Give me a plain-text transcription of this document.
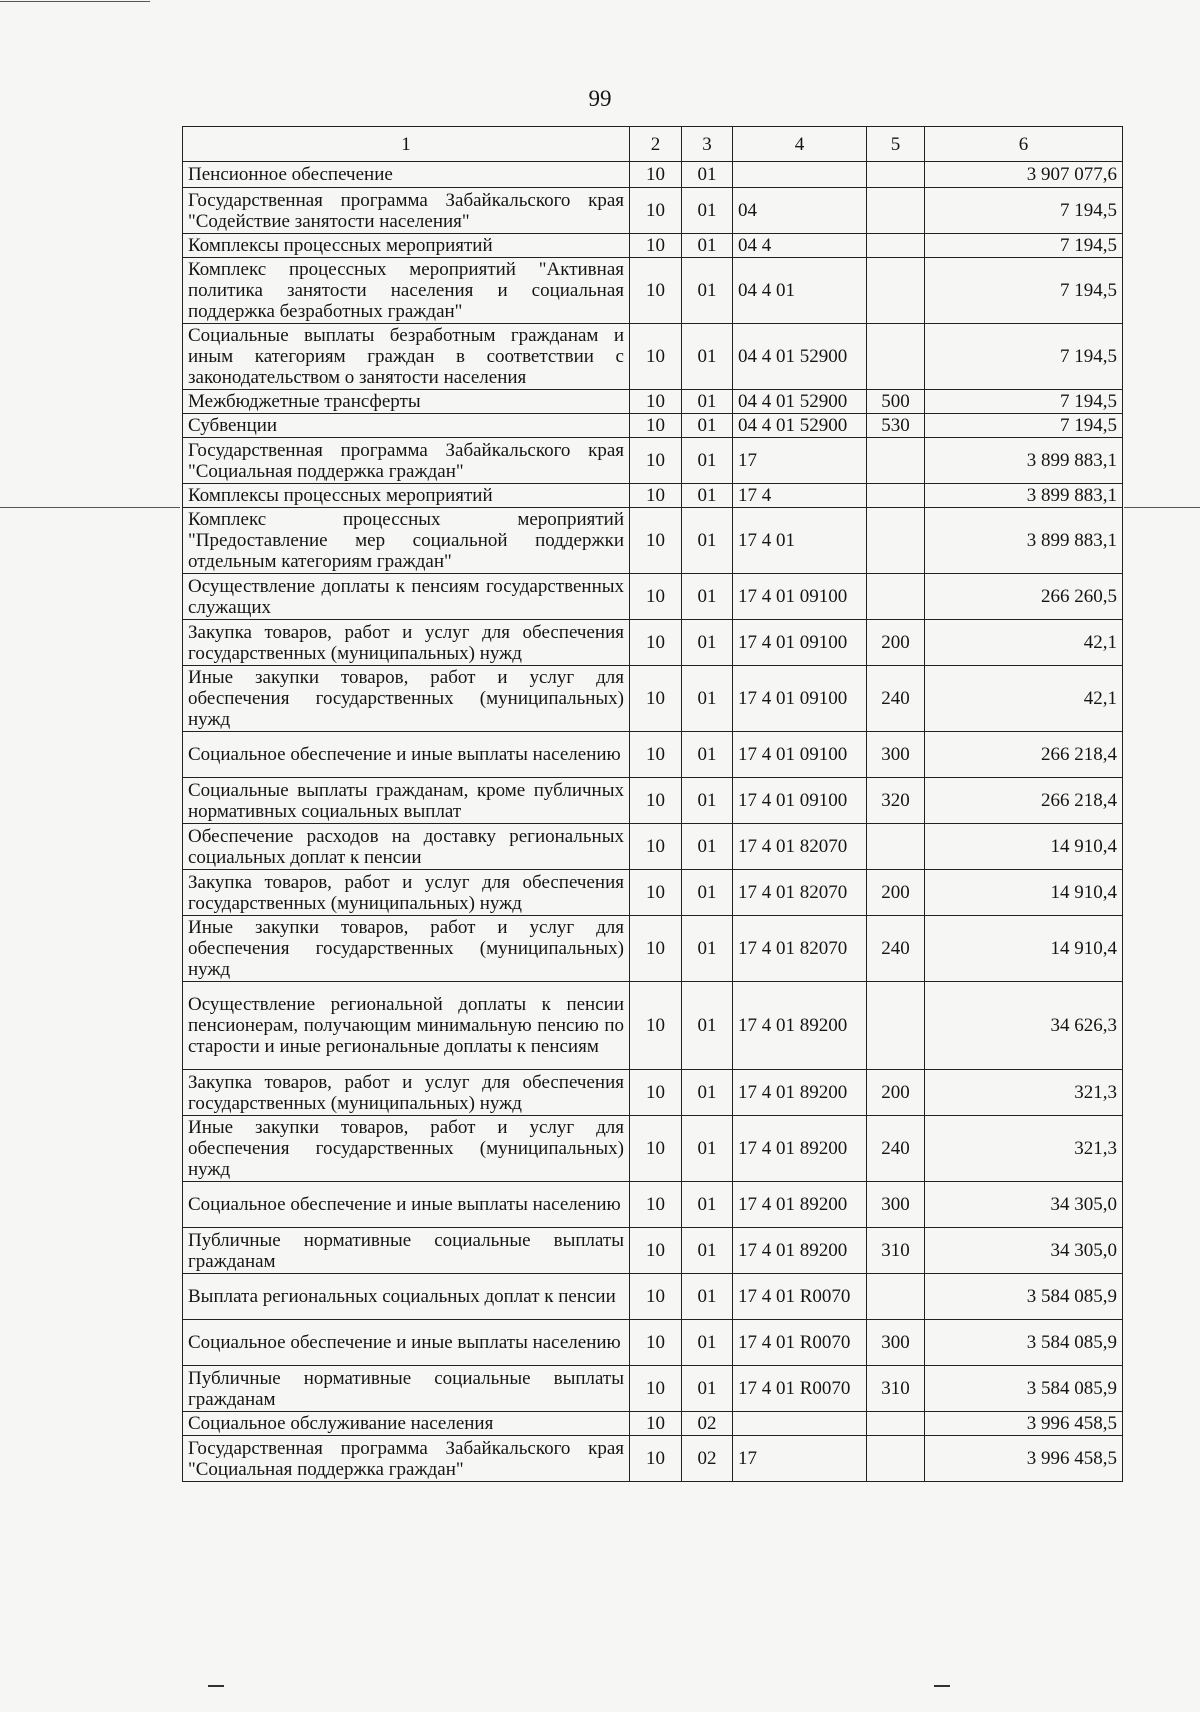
99
1	2	3	4	5	6
Пенсионное обеспечение	10	01			3 907 077,6
Государственная программа Забайкальского края "Содействие занятости населения"	10	01	04		7 194,5
Комплексы процессных мероприятий	10	01	04 4		7 194,5
Комплекс процессных мероприятий "Активная политика занятости населения и социальная поддержка безработных граждан"	10	01	04 4 01		7 194,5
Социальные выплаты безработным гражданам и иным категориям граждан в соответствии с законодательством о занятости населения	10	01	04 4 01 52900		7 194,5
Межбюджетные трансферты	10	01	04 4 01 52900	500	7 194,5
Субвенции	10	01	04 4 01 52900	530	7 194,5
Государственная программа Забайкальского края "Социальная поддержка граждан"	10	01	17		3 899 883,1
Комплексы процессных мероприятий	10	01	17 4		3 899 883,1
Комплекс процессных мероприятий "Предоставление мер социальной поддержки отдельным категориям граждан"	10	01	17 4 01		3 899 883,1
Осуществление доплаты к пенсиям государственных служащих	10	01	17 4 01 09100		266 260,5
Закупка товаров, работ и услуг для обеспечения государственных (муниципальных) нужд	10	01	17 4 01 09100	200	42,1
Иные закупки товаров, работ и услуг для обеспечения государственных (муниципальных) нужд	10	01	17 4 01 09100	240	42,1
Социальное обеспечение и иные выплаты населению	10	01	17 4 01 09100	300	266 218,4
Социальные выплаты гражданам, кроме публичных нормативных социальных выплат	10	01	17 4 01 09100	320	266 218,4
Обеспечение расходов на доставку региональных социальных доплат к пенсии	10	01	17 4 01 82070		14 910,4
Закупка товаров, работ и услуг для обеспечения государственных (муниципальных) нужд	10	01	17 4 01 82070	200	14 910,4
Иные закупки товаров, работ и услуг для обеспечения государственных (муниципальных) нужд	10	01	17 4 01 82070	240	14 910,4
Осуществление региональной доплаты к пенсии пенсионерам, получающим минимальную пенсию по старости и иные региональные доплаты к пенсиям	10	01	17 4 01 89200		34 626,3
Закупка товаров, работ и услуг для обеспечения государственных (муниципальных) нужд	10	01	17 4 01 89200	200	321,3
Иные закупки товаров, работ и услуг для обеспечения государственных (муниципальных) нужд	10	01	17 4 01 89200	240	321,3
Социальное обеспечение и иные выплаты населению	10	01	17 4 01 89200	300	34 305,0
Публичные нормативные социальные выплаты гражданам	10	01	17 4 01 89200	310	34 305,0
Выплата региональных социальных доплат к пенсии	10	01	17 4 01 R0070		3 584 085,9
Социальное обеспечение и иные выплаты населению	10	01	17 4 01 R0070	300	3 584 085,9
Публичные нормативные социальные выплаты гражданам	10	01	17 4 01 R0070	310	3 584 085,9
Социальное обслуживание населения	10	02			3 996 458,5
Государственная программа Забайкальского края "Социальная поддержка граждан"	10	02	17		3 996 458,5
